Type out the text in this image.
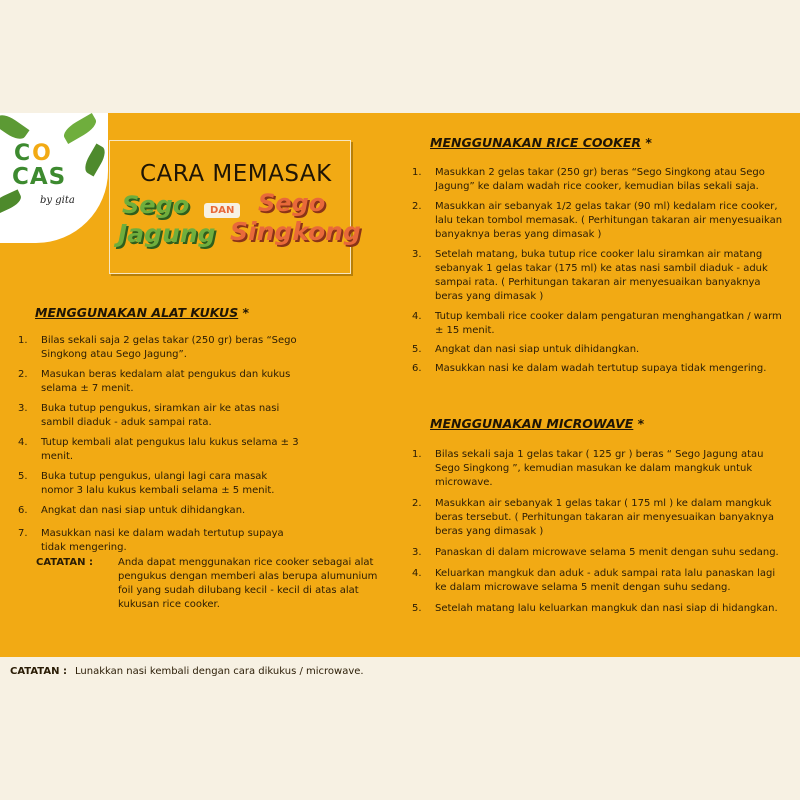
CO
CAS
by gita
CARA MEMASAK
Sego
Jagung
DAN Sego
Singkong
MENGGUNAKAN ALAT KUKUS *
1. Bilas sekali saja 2 gelas takar (250 gr) beras “Sego Singkong atau Sego Jagung”.
2. Masukan beras kedalam alat pengukus dan kukus selama ± 7 menit.
3. Buka tutup pengukus, siramkan air ke atas nasi sambil diaduk - aduk sampai rata.
4. Tutup kembali alat pengukus lalu kukus selama ± 3 menit.
5. Buka tutup pengukus, ulangi lagi cara masak nomor 3 lalu kukus kembali selama ± 5 menit.
6. Angkat dan nasi siap untuk dihidangkan.
7. Masukkan nasi ke dalam wadah tertutup supaya tidak mengering.
CATATAN :	Anda dapat menggunakan rice cooker sebagai alat pengukus dengan memberi alas berupa alumunium foil yang sudah dilubang kecil - kecil di atas alat kukusan rice cooker.
MENGGUNAKAN RICE COOKER *
1. Masukkan 2 gelas takar (250 gr) beras “Sego Singkong atau Sego Jagung” ke dalam wadah rice cooker, kemudian bilas sekali saja.
2. Masukkan air sebanyak 1/2 gelas takar (90 ml) kedalam rice cooker, lalu tekan tombol memasak. ( Perhitungan takaran air menyesuaikan banyaknya beras yang dimasak )
3. Setelah matang, buka tutup rice cooker lalu siramkan air matang sebanyak 1 gelas takar (175 ml) ke atas nasi sambil diaduk - aduk sampai rata. ( Perhitungan takaran air menyesuaikan banyaknya beras yang dimasak )
4. Tutup kembali rice cooker dalam pengaturan menghangatkan / warm ± 15 menit.
5. Angkat dan nasi siap untuk dihidangkan.
6. Masukkan nasi ke dalam wadah tertutup supaya tidak mengering.
MENGGUNAKAN MICROWAVE *
1. Bilas sekali saja 1 gelas takar ( 125 gr ) beras “ Sego Jagung atau Sego Singkong ”, kemudian masukan ke dalam mangkuk untuk microwave.
2. Masukkan air sebanyak 1 gelas takar ( 175 ml ) ke dalam mangkuk beras tersebut. ( Perhitungan takaran air menyesuaikan banyaknya beras yang dimasak )
3. Panaskan di dalam microwave selama 5 menit dengan suhu sedang.
4. Keluarkan mangkuk dan aduk - aduk sampai rata lalu panaskan lagi ke dalam microwave selama 5 menit dengan suhu sedang.
5. Setelah matang lalu keluarkan mangkuk dan nasi siap di hidangkan.
CATATAN : Lunakkan nasi kembali dengan cara dikukus / microwave.
